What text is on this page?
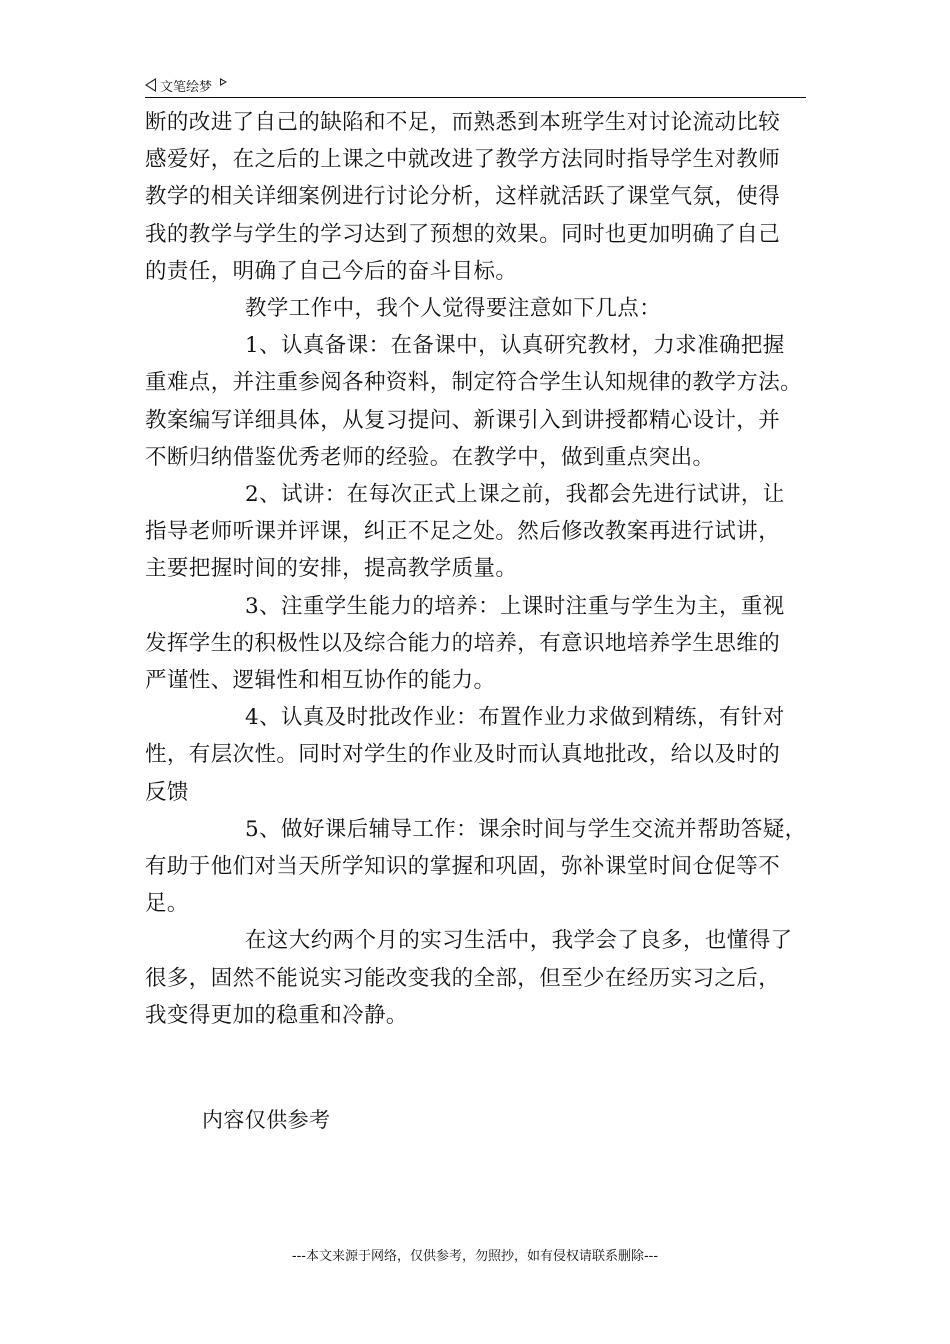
文笔绘梦

断的改进了自己的缺陷和不足，而熟悉到本班学生对讨论流动比较

感爱好，在之后的上课之中就改进了教学方法同时指导学生对教师

教学的相关详细案例进行讨论分析，这样就活跃了课堂气氛，使得

我的教学与学生的学习达到了预想的效果。同时也更加明确了自己

的责任，明确了自己今后的奋斗目标。

教学工作中，我个人觉得要注意如下几点：

1、认真备课：在备课中，认真研究教材，力求准确把握

重难点，并注重参阅各种资料，制定符合学生认知规律的教学方法。

教案编写详细具体，从复习提问、新课引入到讲授都精心设计，并

不断归纳借鉴优秀老师的经验。在教学中，做到重点突出。

2、试讲：在每次正式上课之前，我都会先进行试讲，让

指导老师听课并评课，纠正不足之处。然后修改教案再进行试讲，

主要把握时间的安排，提高教学质量。

3、注重学生能力的培养：上课时注重与学生为主，重视

发挥学生的积极性以及综合能力的培养，有意识地培养学生思维的

严谨性、逻辑性和相互协作的能力。

4、认真及时批改作业：布置作业力求做到精练，有针对

性，有层次性。同时对学生的作业及时而认真地批改，给以及时的

反馈

5、做好课后辅导工作：课余时间与学生交流并帮助答疑，

有助于他们对当天所学知识的掌握和巩固，弥补课堂时间仓促等不

足。

在这大约两个月的实习生活中，我学会了良多，也懂得了

很多，固然不能说实习能改变我的全部，但至少在经历实习之后，

我变得更加的稳重和冷静。

内容仅供参考
---本文来源于网络，仅供参考，勿照抄，如有侵权请联系删除---
